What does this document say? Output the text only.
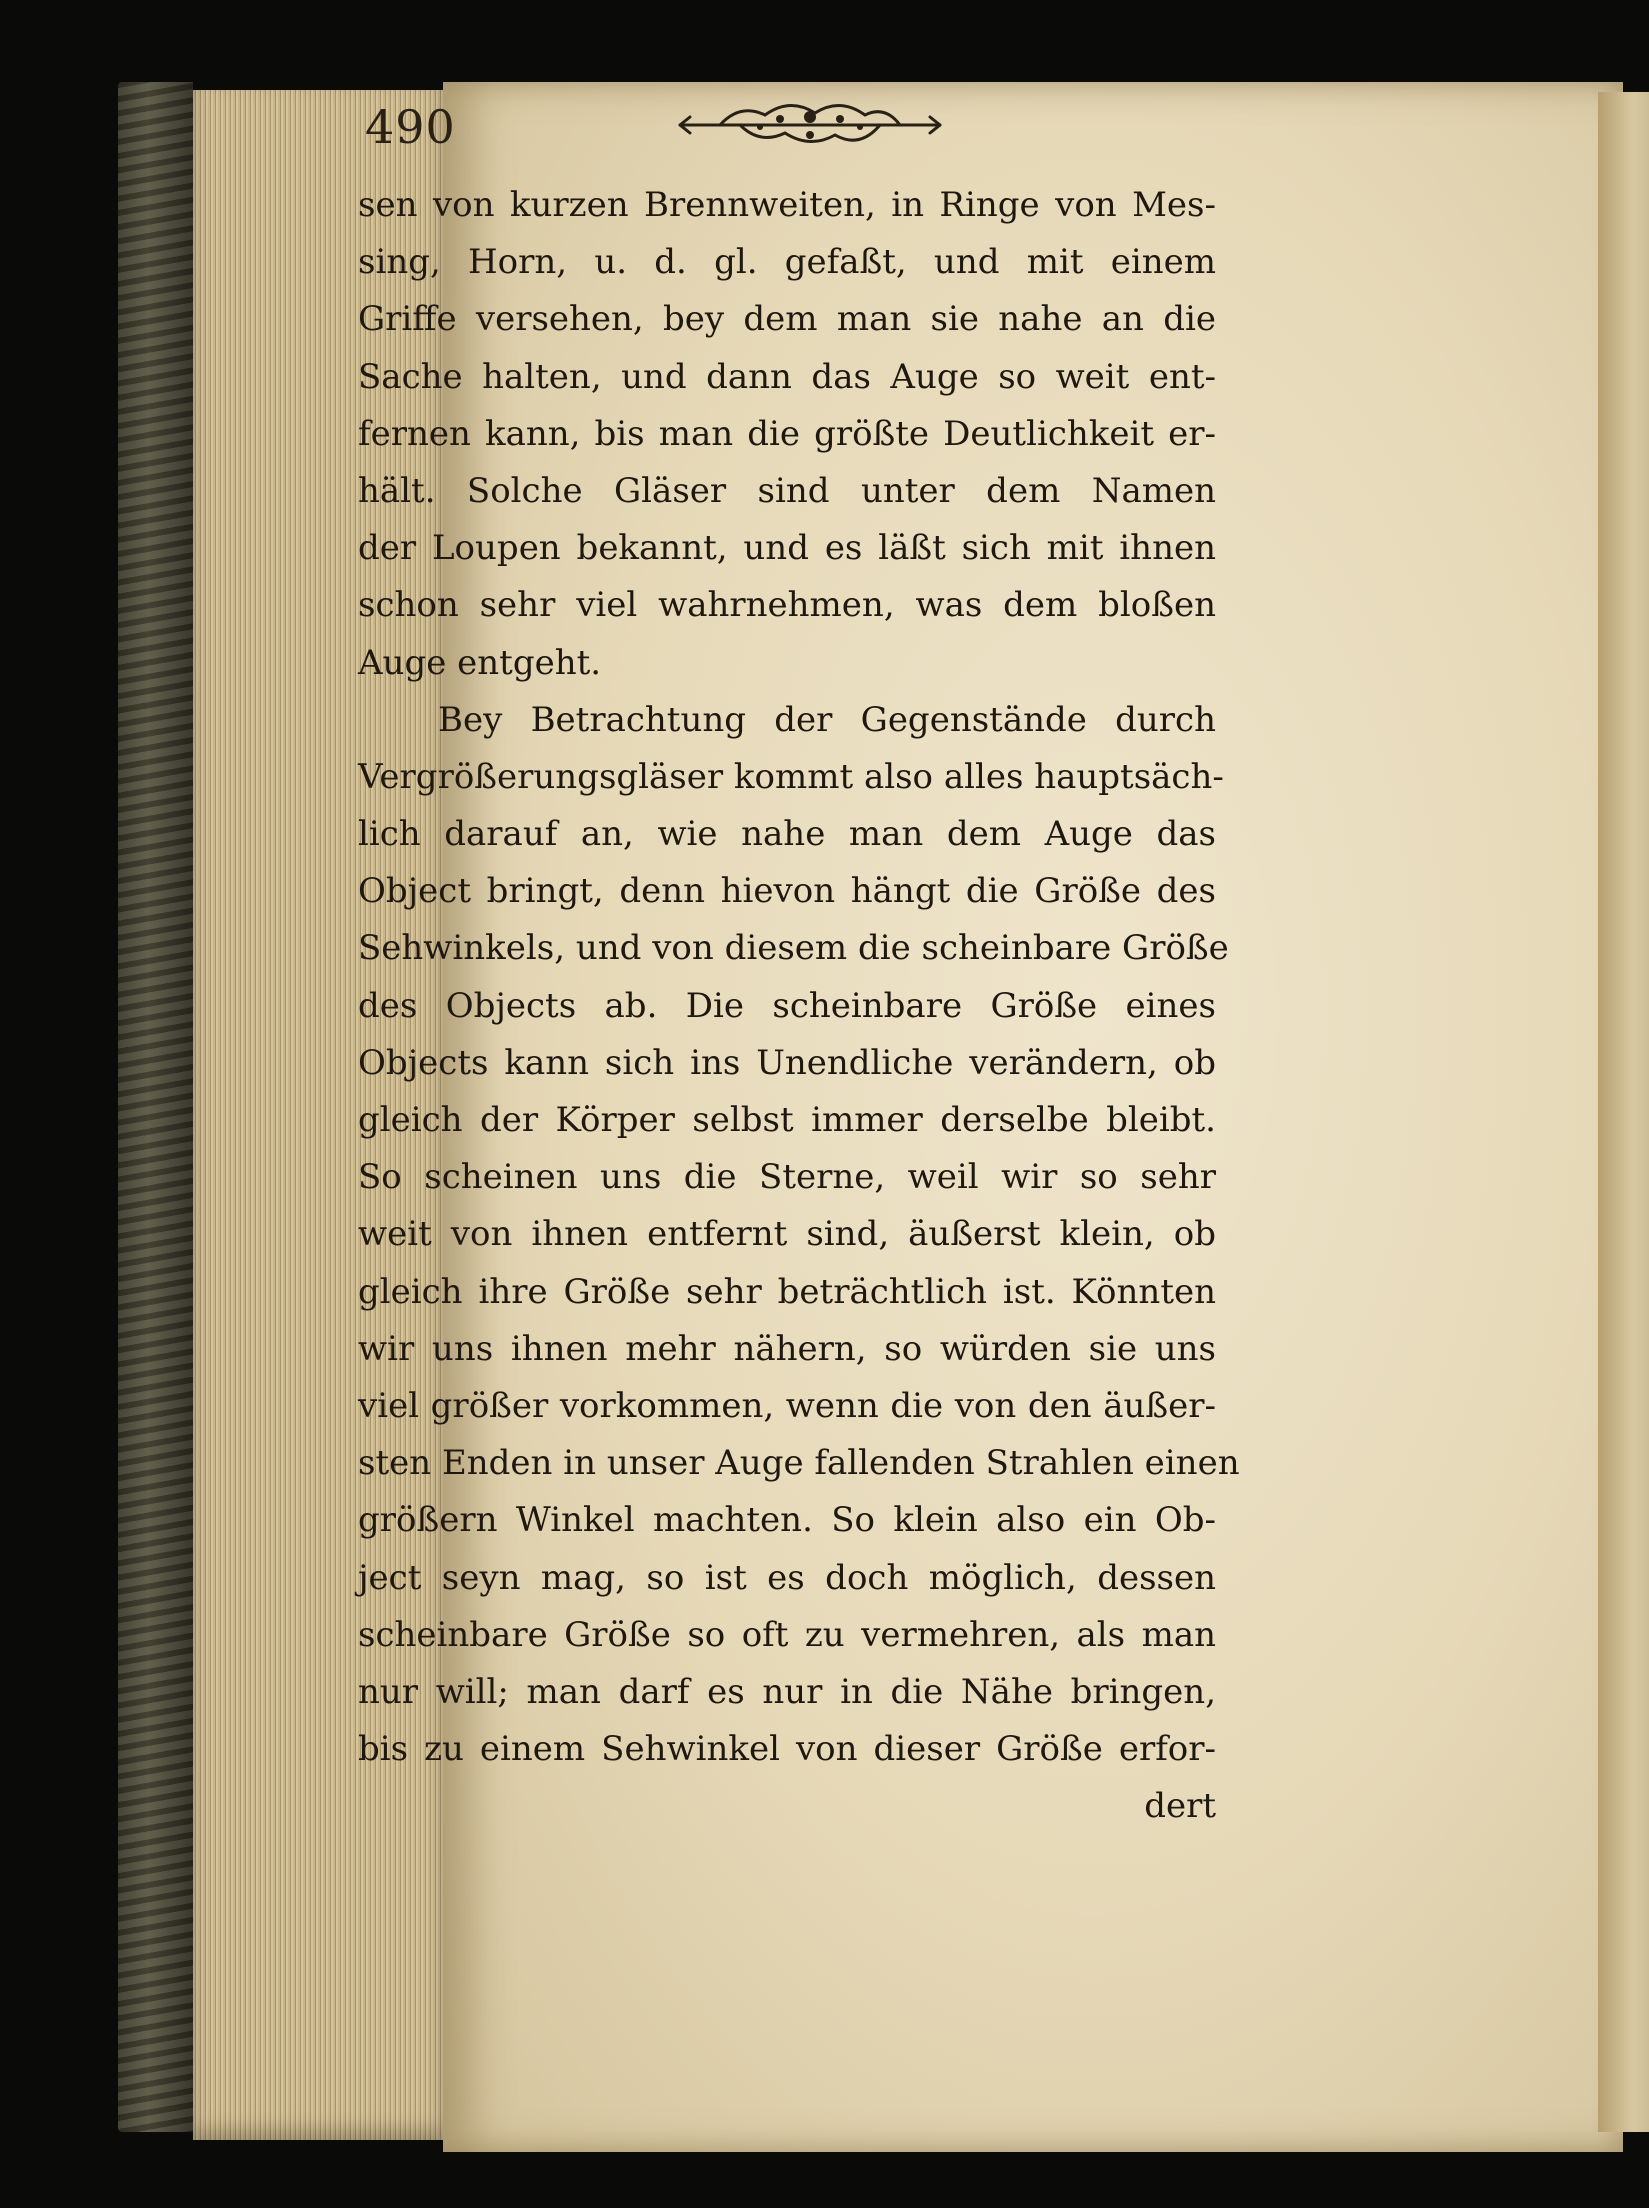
490
sen von kurzen Brennweiten, in Ringe von Mes-
sing, Horn, u. d. gl. gefaßt, und mit einem
Griffe versehen, bey dem man sie nahe an die
Sache halten, und dann das Auge so weit ent-
fernen kann, bis man die größte Deutlichkeit er-
hält. Solche Gläser sind unter dem Namen
der Loupen bekannt, und es läßt sich mit ihnen
schon sehr viel wahrnehmen, was dem bloßen
Auge entgeht.
Bey Betrachtung der Gegenstände durch
Vergrößerungsgläser kommt also alles hauptsäch-
lich darauf an, wie nahe man dem Auge das
Object bringt, denn hievon hängt die Größe des
Sehwinkels, und von diesem die scheinbare Größe
des Objects ab. Die scheinbare Größe eines
Objects kann sich ins Unendliche verändern, ob
gleich der Körper selbst immer derselbe bleibt.
So scheinen uns die Sterne, weil wir so sehr
weit von ihnen entfernt sind, äußerst klein, ob
gleich ihre Größe sehr beträchtlich ist. Könnten
wir uns ihnen mehr nähern, so würden sie uns
viel größer vorkommen, wenn die von den äußer-
sten Enden in unser Auge fallenden Strahlen einen
größern Winkel machten. So klein also ein Ob-
ject seyn mag, so ist es doch möglich, dessen
scheinbare Größe so oft zu vermehren, als man
nur will; man darf es nur in die Nähe bringen,
bis zu einem Sehwinkel von dieser Größe erfor-
dert
